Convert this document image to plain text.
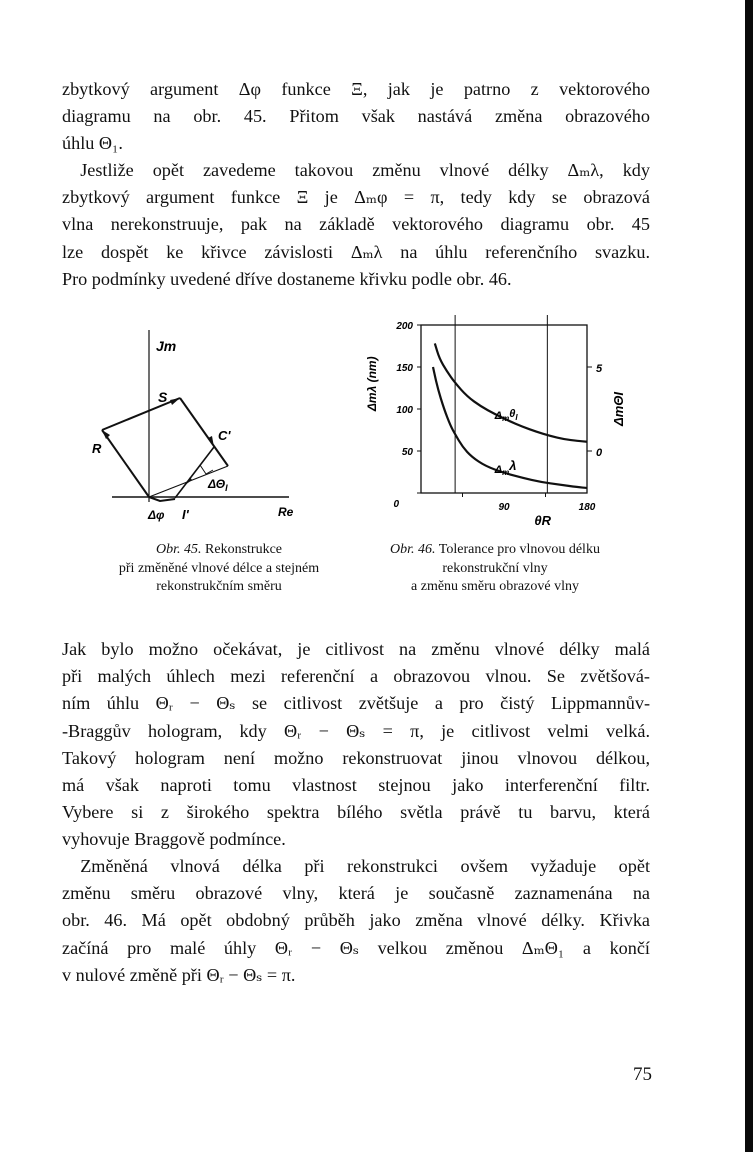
zbytkový argument Δφ funkce Ξ, jak je patrno z vektorového
diagramu na obr. 45. Přitom však nastává změna obrazového
úhlu Θ₁.
 Jestliže opět zavedeme takovou změnu vlnové délky Δₘλ, kdy
zbytkový argument funkce Ξ je Δₘφ = π, tedy kdy se obrazová
vlna nerekonstruuje, pak na základě vektorového diagramu obr. 45
lze dospět ke křivce závislosti Δₘλ na úhlu referenčního svazku.
Pro podmínky uvedené dříve dostaneme křivku podle obr. 46.
Jm
S
R
C'
$\Delta\Theta_I$
I'
Δφ	Re
0
50
100
150
200
0
5
90	180
Δmθ$_I$
Δmλ
Δmλ (nm)	ΔmΘI
θR
Obr. 45. Rekonstrukce
při změněné vlnové délce a stejném
rekonstrukčním směru
Obr. 46. Tolerance pro vlnovou délku
rekonstrukční vlny
a změnu směru obrazové vlny
Jak bylo možno očekávat, je citlivost na změnu vlnové délky malá
při malých úhlech mezi referenční a obrazovou vlnou. Se zvětšová-
ním úhlu Θᵣ − Θₛ se citlivost zvětšuje a pro čistý Lippmannův-
-Braggův hologram, kdy Θᵣ − Θₛ = π, je citlivost velmi velká.
Takový hologram není možno rekonstruovat jinou vlnovou délkou,
má však naproti tomu vlastnost stejnou jako interferenční filtr.
Vybere si z širokého spektra bílého světla právě tu barvu, která
vyhovuje Braggově podmínce.
 Změněná vlnová délka při rekonstrukci ovšem vyžaduje opět
změnu směru obrazové vlny, která je současně zaznamenána na
obr. 46. Má opět obdobný průběh jako změna vlnové délky. Křivka
začíná pro malé úhly Θᵣ − Θₛ velkou změnou ΔₘΘ₁ a končí
v nulové změně při Θᵣ − Θₛ = π.
75
